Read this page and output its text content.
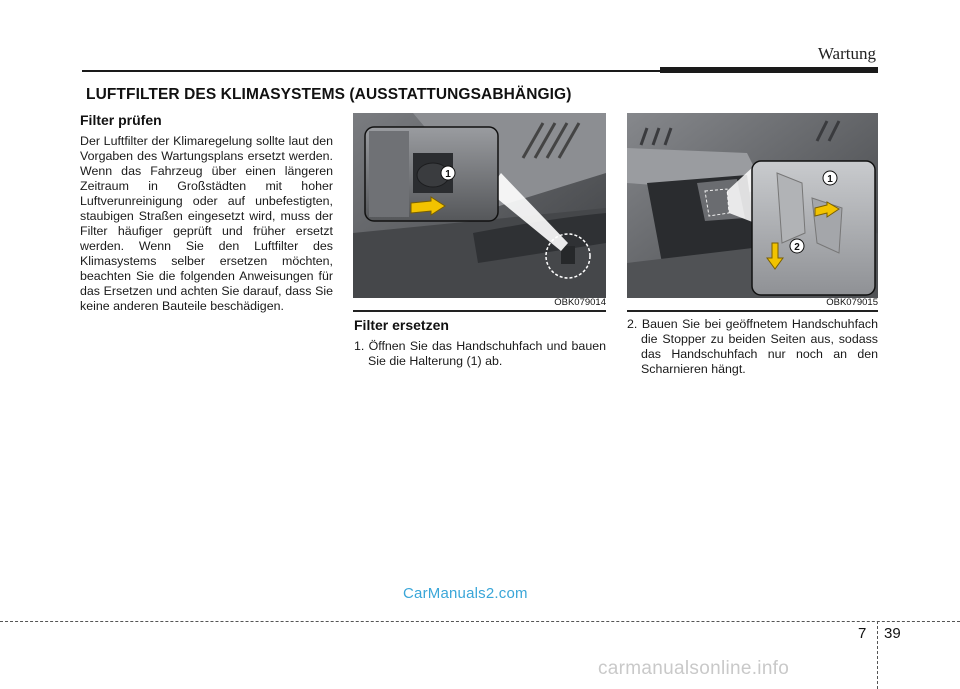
Wartung
LUFTFILTER DES KLIMASYSTEMS (AUSSTATTUNGSABHÄNGIG)
Filter prüfen

Der Luftfilter der Klimaregelung sollte laut den Vorgaben des Wartungsplans ersetzt werden. Wenn das Fahrzeug über einen längeren Zeitraum in Großstädten mit hoher Luftverunreinigung oder auf unbefestigten, staubigen Straßen eingesetzt wird, muss der Filter häufiger geprüft und früher ersetzt werden. Wenn Sie den Luftfilter des Klimasystems selber ersetzen möchten, beachten Sie die folgenden Anweisungen für das Ersetzen und achten Sie darauf, dass Sie keine anderen Bauteile beschädigen.

1
OBK079014
1
2
OBK079015
Filter ersetzen

1. Öffnen Sie das Handschuhfach und bauen Sie die Halterung (1) ab.

2. Bauen Sie bei geöffnetem Handschuhfach die Stopper zu beiden Seiten aus, sodass das Handschuhfach nur noch an den Scharnieren hängt.

CarManuals2.com
7 39
carmanualsonline.info
